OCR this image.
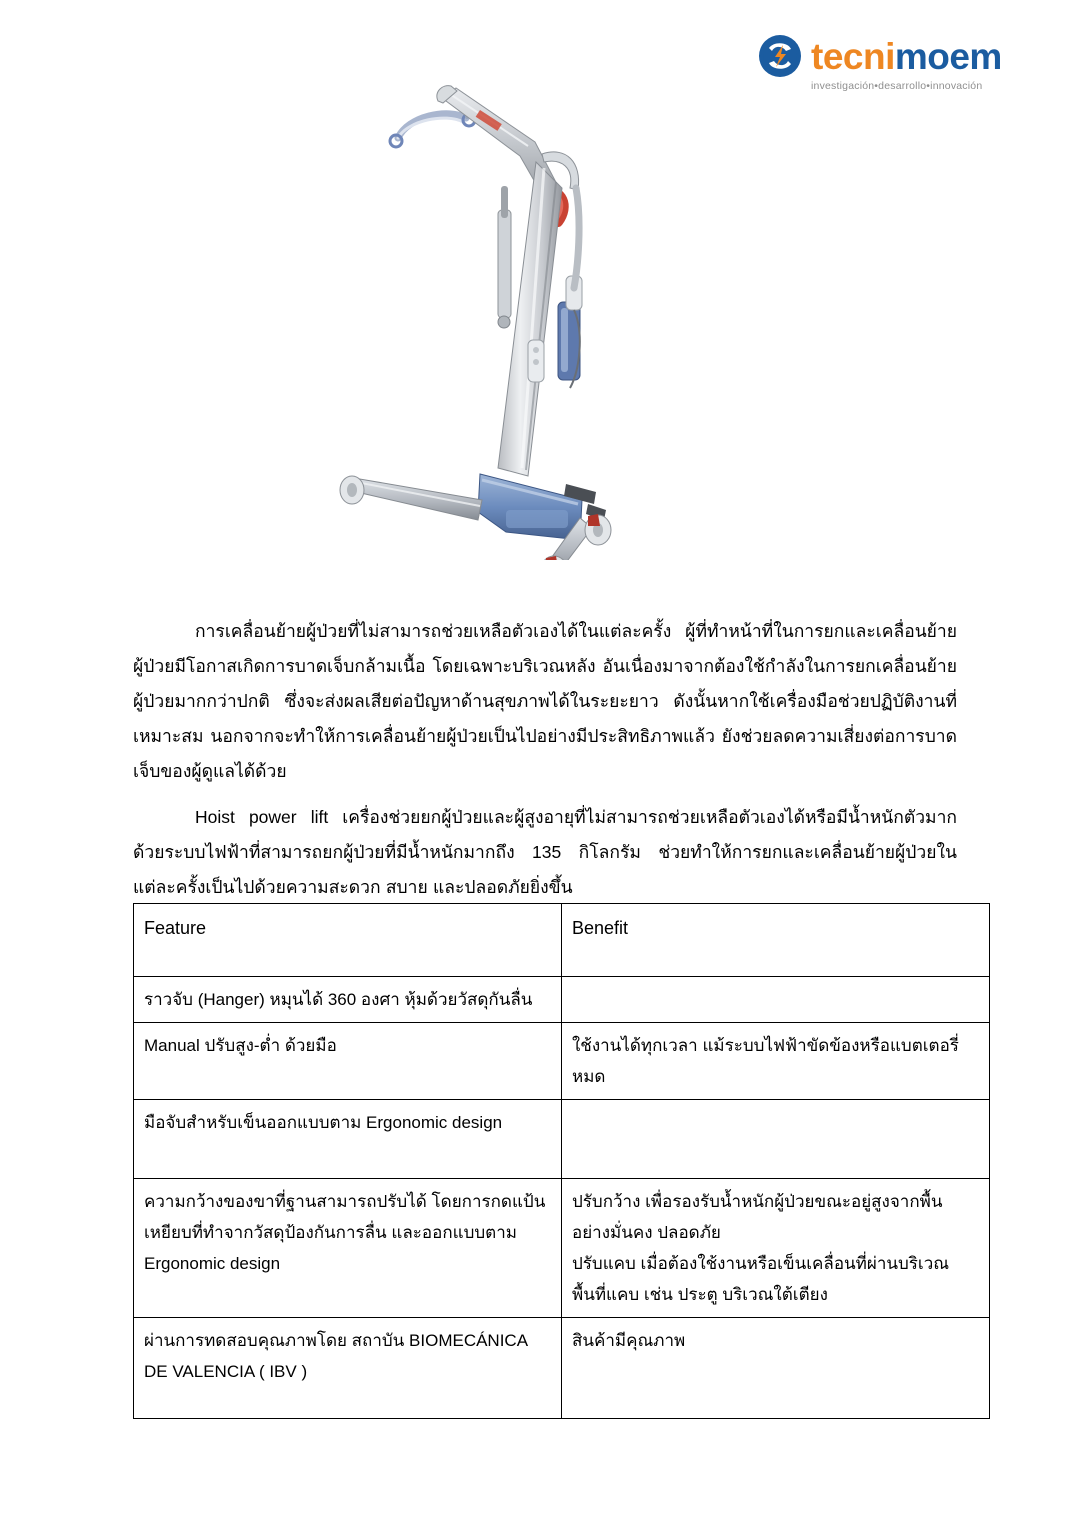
tecnimoem
investigación•desarrollo•innovación

การเคลื่อนย้ายผู้ป่วยที่ไม่สามารถช่วยเหลือตัวเองได้ในแต่ละครั้ง ผู้ที่ทำหน้าที่ในการยกและเคลื่อนย้ายผู้ป่วยมีโอกาสเกิดการบาดเจ็บกล้ามเนื้อ โดยเฉพาะบริเวณหลัง อันเนื่องมาจากต้องใช้กำลังในการยกเคลื่อนย้ายผู้ป่วยมากกว่าปกติ ซึ่งจะส่งผลเสียต่อปัญหาด้านสุขภาพได้ในระยะยาว ดังนั้นหากใช้เครื่องมือช่วยปฏิบัติงานที่เหมาะสม นอกจากจะทำให้การเคลื่อนย้ายผู้ป่วยเป็นไปอย่างมีประสิทธิภาพแล้ว ยังช่วยลดความเสี่ยงต่อการบาดเจ็บของผู้ดูแลได้ด้วย

Hoist power lift เครื่องช่วยยกผู้ป่วยและผู้สูงอายุที่ไม่สามารถช่วยเหลือตัวเองได้หรือมีน้ำหนักตัวมากด้วยระบบไฟฟ้าที่สามารถยกผู้ป่วยที่มีน้ำหนักมากถึง 135 กิโลกรัม ช่วยทำให้การยกและเคลื่อนย้ายผู้ป่วยในแต่ละครั้งเป็นไปด้วยความสะดวก สบาย และปลอดภัยยิ่งขึ้น

Feature	Benefit
ราวจับ (Hanger) หมุนได้ 360 องศา หุ้มด้วยวัสดุกันลื่น	
Manual ปรับสูง-ต่ำ ด้วยมือ	ใช้งานได้ทุกเวลา แม้ระบบไฟฟ้าขัดข้องหรือแบตเตอรี่หมด
มือจับสำหรับเข็นออกแบบตาม Ergonomic design	
ความกว้างของขาที่ฐานสามารถปรับได้ โดยการกดแป้นเหยียบที่ทำจากวัสดุป้องกันการลื่น และออกแบบตาม Ergonomic design	ปรับกว้าง เพื่อรองรับน้ำหนักผู้ป่วยขณะอยู่สูงจากพื้นอย่างมั่นคง ปลอดภัย
ปรับแคบ เมื่อต้องใช้งานหรือเข็นเคลื่อนที่ผ่านบริเวณพื้นที่แคบ เช่น ประตู บริเวณใต้เตียง

ผ่านการทดสอบคุณภาพโดย สถาบัน BIOMECÁNICA DE VALENCIA ( IBV )	สินค้ามีคุณภาพ
